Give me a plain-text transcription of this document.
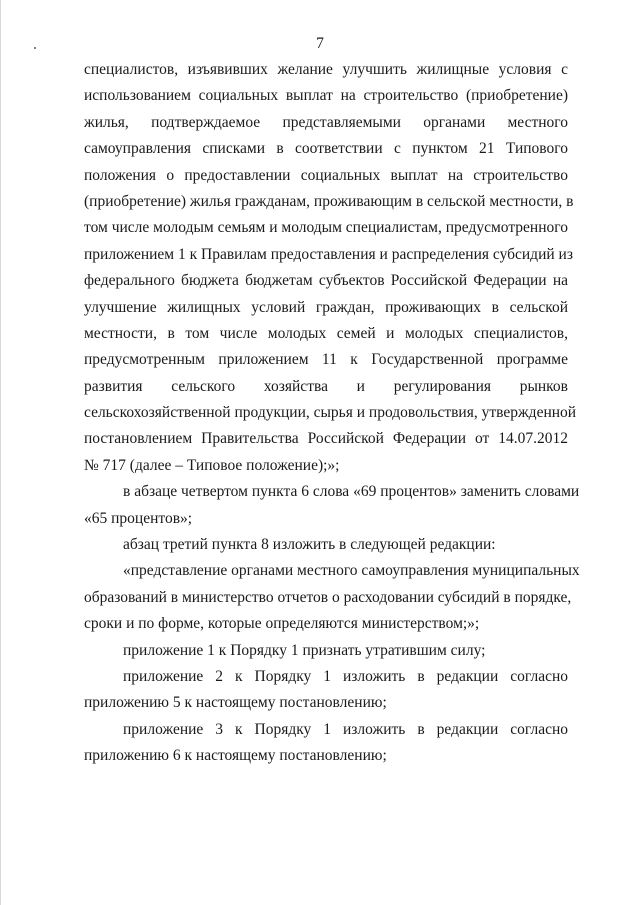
7
специалистов, изъявивших желание улучшить жилищные условия с
использованием социальных выплат на строительство (приобретение)
жилья, подтверждаемое представляемыми органами местного
самоуправления списками в соответствии с пунктом 21 Типового
положения о предоставлении социальных выплат на строительство
(приобретение) жилья гражданам, проживающим в сельской местности, в
том числе молодым семьям и молодым специалистам, предусмотренного
приложением 1 к Правилам предоставления и распределения субсидий из
федерального бюджета бюджетам субъектов Российской Федерации на
улучшение жилищных условий граждан, проживающих в сельской
местности, в том числе молодых семей и молодых специалистов,
предусмотренным приложением 11 к Государственной программе
развития сельского хозяйства и регулирования рынков
сельскохозяйственной продукции, сырья и продовольствия, утвержденной
постановлением Правительства Российской Федерации от 14.07.2012
№ 717 (далее – Типовое положение);»;
в абзаце четвертом пункта 6 слова «69 процентов» заменить словами
«65 процентов»;
абзац третий пункта 8 изложить в следующей редакции:
«представление органами местного самоуправления муниципальных
образований в министерство отчетов о расходовании субсидий в порядке,
сроки и по форме, которые определяются министерством;»;
приложение 1 к Порядку 1 признать утратившим силу;
приложение 2 к Порядку 1 изложить в редакции согласно
приложению 5 к настоящему постановлению;
приложение 3 к Порядку 1 изложить в редакции согласно
приложению 6 к настоящему постановлению;
